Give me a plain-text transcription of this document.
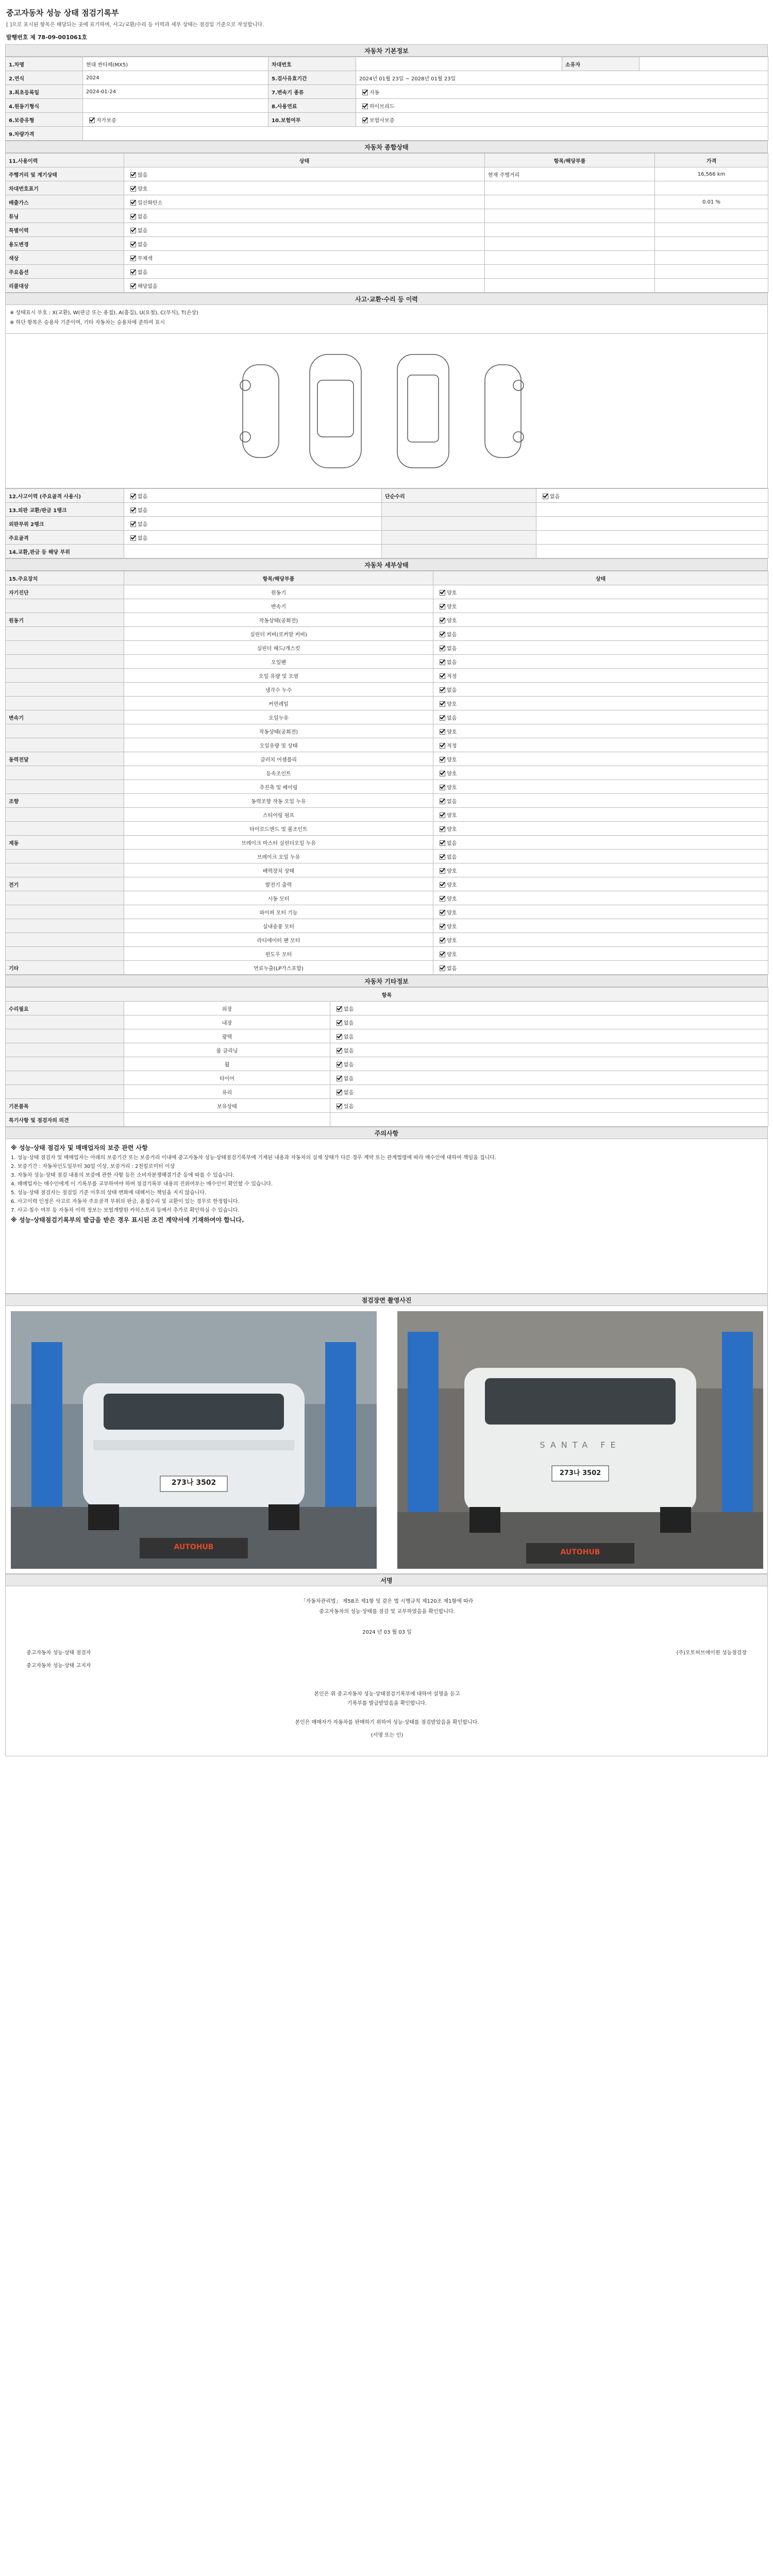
중고자동차 성능 상태 점검기록부
[ ]으로 표시된 항목은 해당되는 곳에 표기하며, 사고/교환/수리 등 이력과 세부 상태는 점검일 기준으로 작성합니다.
발행번호 제 78-09-001061호
자동차 기본정보
1.차명	현대 싼타페(MX5)	차대번호		소유자	
2.연식	2024	5.검사유효기간	2024년 01월 23일 ~ 2028년 01월 23일		
3.최초등록일	2024-01-24	7.변속기 종류	자동		
4.원동기형식		8.사용연료	하이브리드		
6.보증유형	자가보증	10.보험여부	보험사보증		
9.차량가격					
자동차 종합상태
11.사용이력	상태	항목/해당부품	가격
주행거리 및 계기상태	많음	현재 주행거리	16,566 km
차대번호표기	양호		
배출가스	일산화탄소		0.01 %
튜닝	없음		
특별이력	없음		
용도변경	없음		
색상	무채색		
주요옵션	없음		
리콜대상	해당없음		
사고·교환·수리 등 이력
※ 상태표시 부호 : X(교환), W(판금 또는 용접), A(흠집), U(요철), C(부식), T(손상)
※ 하단 항목은 승용차 기준이며, 기타 자동차는 승용차에 준하여 표시
12.사고이력 (주요골격 사용시)	없음	단순수리	없음
13.외판 교환/판금 1랭크	없음		
외판부위 2랭크	없음		
주요골격	없음		
14.교환,판금 등 해당 부위			
자동차 세부상태
15.주요장치	항목/해당부품	상태
자기진단	원동기	양호
	변속기	양호
원동기	작동상태(공회전)	양호
	실린더 커버(로커암 커버)	없음
	실린더 헤드/개스킷	없음
	오일팬	없음
	오일 유량 및 오염	적정
	냉각수 누수	없음
	커먼레일	양호
변속기	오일누유	없음
	작동상태(공회전)	양호
	오일유량 및 상태	적정
동력전달	클러치 어셈블리	양호
	등속조인트	양호
	추진축 및 베어링	양호
조향	동력조향 작동 오일 누유	없음
	스티어링 펌프	양호
	타이로드엔드 및 볼조인트	양호
제동	브레이크 마스터 실린더오일 누유	없음
	브레이크 오일 누유	없음
	배력장치 상태	양호
전기	발전기 출력	양호
	시동 모터	양호
	와이퍼 모터 기능	양호
	실내송풍 모터	양호
	라디에이터 팬 모터	양호
	윈도우 모터	양호
기타	연료누출(LP가스포함)	없음
자동차 기타정보
항목		
수리필요	외장	없음
	내장	없음
	광택	없음
	룸 클리닝	없음
	휠	없음
	타이어	없음
	유리	없음
기본품목	보유상태	있음
특기사항 및 점검자의 의견		
주의사항
※ 성능·상태 점검자 및 매매업자의 보증 관련 사항

1. 성능·상태 점검자 및 매매업자는 아래의 보증기간 또는 보증거리 이내에 중고자동차 성능·상태점검기록부에 기재된 내용과 자동차의 실제 상태가 다른 경우 계약 또는 관계법령에 따라 매수인에 대하여 책임을 집니다.

2. 보증기간 : 자동차인도일부터 30일 이상, 보증거리 : 2천킬로미터 이상

3. 자동차 성능·상태 점검 내용의 보증에 관한 사항 등은 소비자분쟁해결기준 등에 따를 수 있습니다.

4. 매매업자는 매수인에게 이 기록부를 교부하여야 하며 점검기록부 내용의 진위여부는 매수인이 확인할 수 있습니다.

5. 성능·상태 점검자는 점검일 기준 이후의 상태 변화에 대해서는 책임을 지지 않습니다.

6. 사고이력 인정은 사고로 자동차 주요골격 부위의 판금, 용접수리 및 교환이 있는 경우로 한정합니다.

7. 사고·침수 여부 등 자동차 이력 정보는 보험개발원 카히스토리 등에서 추가로 확인하실 수 있습니다.

※ 성능·상태점검기록부의 발급을 받은 경우 표시된 조건 계약서에 기재하여야 합니다.
점검장면 촬영사진
273나 3502
AUTOHUB
SANTA FE
273나 3502
AUTOHUB
서명
「자동차관리법」 제58조 제1항 및 같은 법 시행규칙 제120조 제1항에 따라
중고자동차의 성능·상태를 점검 및 교부하였음을 확인합니다.
2024 년 03 월 03 일
중고자동차 성능·상태 점검자	(주)오토허브에이원 성능점검장
중고자동차 성능·상태 고지자
본인은 위 중고자동차 성능·상태점검기록부에 대하여 설명을 듣고
기록부를 발급받았음을 확인합니다.
본인은 매매자가 자동차를 판매하기 위하여 성능·상태를 점검받았음을 확인합니다.
(서명 또는 인)
